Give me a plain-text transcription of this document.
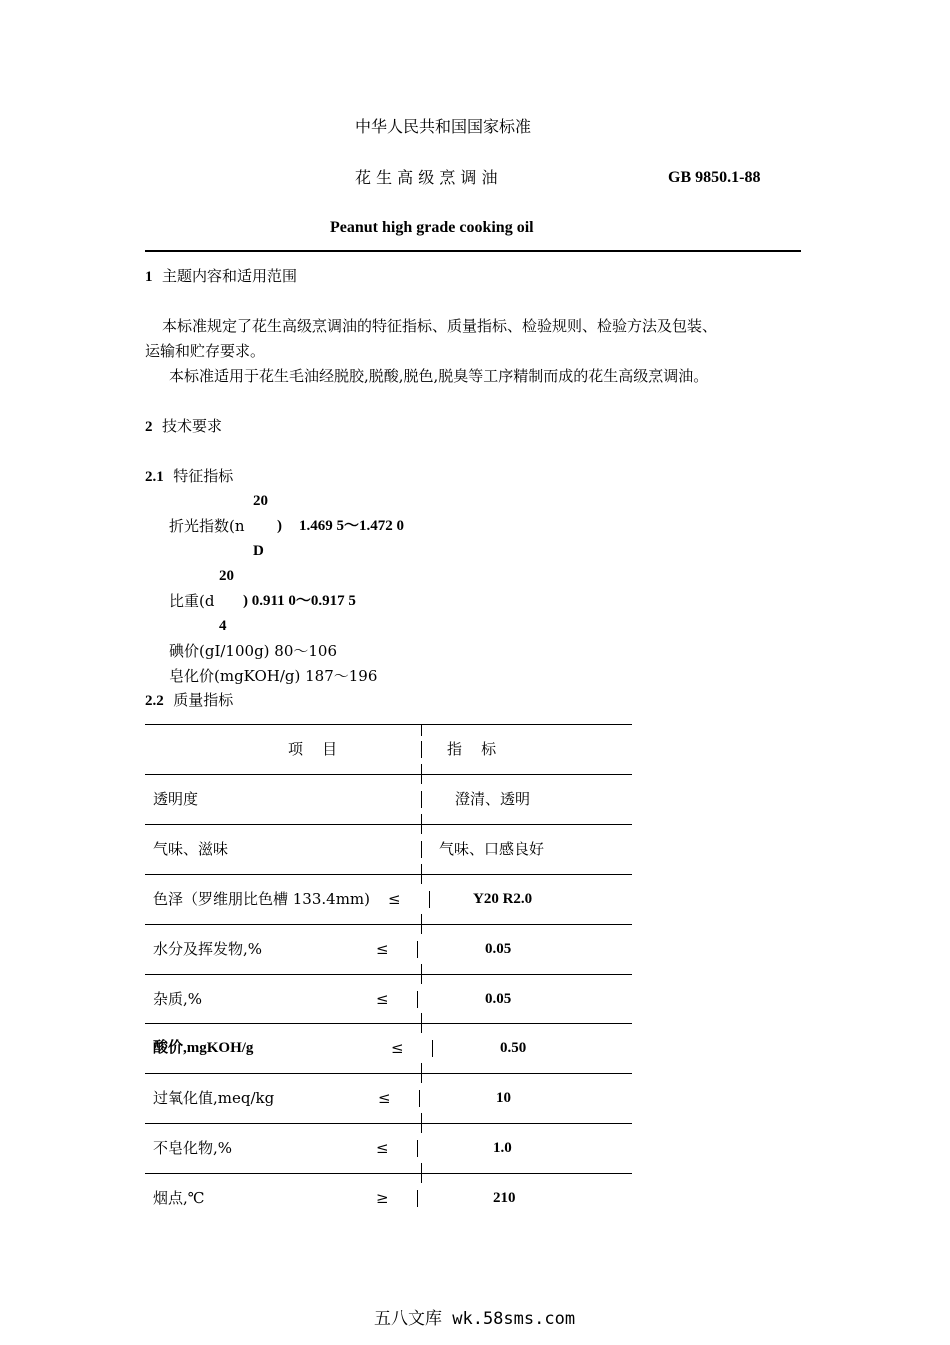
中华人民共和国国家标准
花 生 高 级 烹 调 油	GB 9850.1-88
Peanut high grade cooking oil
1 主题内容和适用范围
本标准规定了花生高级烹调油的特征指标、质量指标、检验规则、检验方法及包装、
运输和贮存要求。
本标准适用于花生毛油经脱胶,脱酸,脱色,脱臭等工序精制而成的花生高级烹调油。
2 技术要求
2.1 特征指标
20
折光指数(n ) 1.469 5～1.472 0
D
20
比重(d ) 0.911 0～0.917 5
4
碘价(gI/100g) 80～106
皂化价(mgKOH/g) 187～196
2.2 质量指标
项    目	指    标
透明度	澄清、透明
气味、滋味	气味、口感良好
色泽（罗维朋比色槽 133.4mm) ≤	Y20 R2.0
水分及挥发物,%	≤	0.05
杂质,%	≤	0.05
酸价,mgKOH/g	≤	0.50
过氧化值,meq/kg	≤	10
不皂化物,%	≤	1.0
烟点,℃	≥	210
五八文库 wk.58sms.com
